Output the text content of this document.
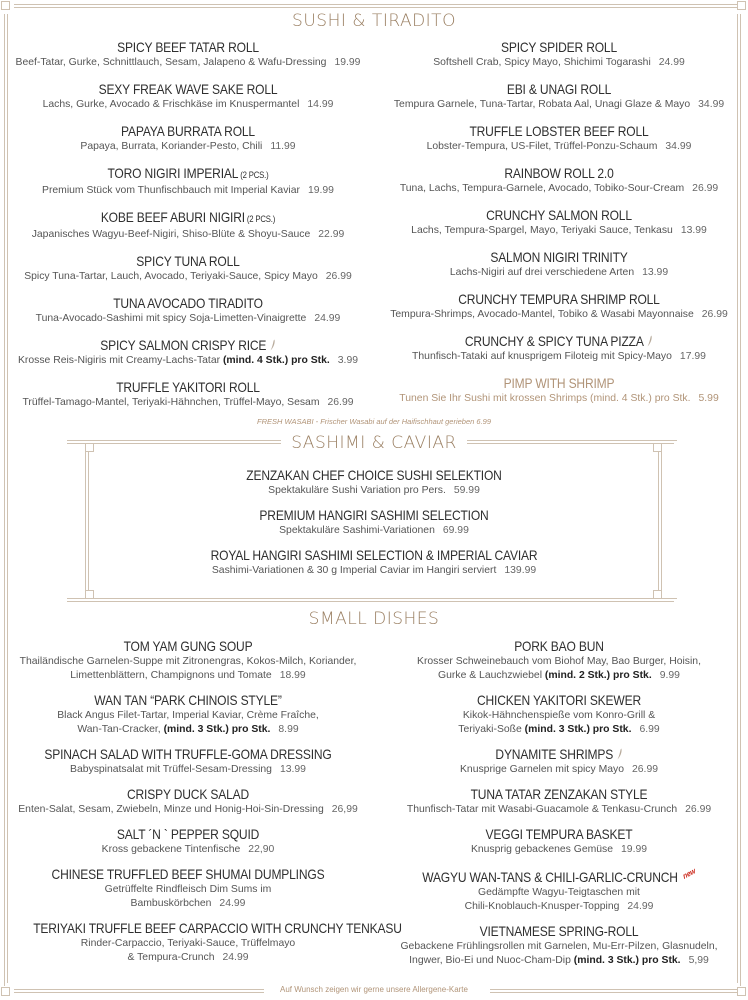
SUSHI & TIRADITO
SPICY BEEF TATAR ROLL
Beef-Tatar, Gurke, Schnittlauch, Sesam, Jalapeno & Wafu-Dressing 19.99
SEXY FREAK WAVE SAKE ROLL
Lachs, Gurke, Avocado & Frischkäse im Knuspermantel 14.99
PAPAYA BURRATA ROLL
Papaya, Burrata, Koriander-Pesto, Chili 11.99
TORO NIGIRI IMPERIAL (2 PCS.)
Premium Stück vom Thunfischbauch mit Imperial Kaviar 19.99
KOBE BEEF ABURI NIGIRI (2 PCS.)
Japanisches Wagyu-Beef-Nigiri, Shiso-Blüte & Shoyu-Sauce 22.99
SPICY TUNA ROLL
Spicy Tuna-Tartar, Lauch, Avocado, Teriyaki-Sauce, Spicy Mayo 26.99
TUNA AVOCADO TIRADITO
Tuna-Avocado-Sashimi mit spicy Soja-Limetten-Vinaigrette 24.99
SPICY SALMON CRISPY RICE
Krosse Reis-Nigiris mit Creamy-Lachs-Tatar (mind. 4 Stk.) pro Stk. 3.99
TRUFFLE YAKITORI ROLL
Trüffel-Tamago-Mantel, Teriyaki-Hähnchen, Trüffel-Mayo, Sesam 26.99
SPICY SPIDER ROLL
Softshell Crab, Spicy Mayo, Shichimi Togarashi 24.99
EBI & UNAGI ROLL
Tempura Garnele, Tuna-Tartar, Robata Aal, Unagi Glaze & Mayo 34.99
TRUFFLE LOBSTER BEEF ROLL
Lobster-Tempura, US-Filet, Trüffel-Ponzu-Schaum 34.99
RAINBOW ROLL 2.0
Tuna, Lachs, Tempura-Garnele, Avocado, Tobiko-Sour-Cream 26.99
CRUNCHY SALMON ROLL
Lachs, Tempura-Spargel, Mayo, Teriyaki Sauce, Tenkasu 13.99
SALMON NIGIRI TRINITY
Lachs-Nigiri auf drei verschiedene Arten 13.99
CRUNCHY TEMPURA SHRIMP ROLL
Tempura-Shrimps, Avocado-Mantel, Tobiko & Wasabi Mayonnaise 26.99
CRUNCHY & SPICY TUNA PIZZA
Thunfisch-Tataki auf knusprigem Filoteig mit Spicy-Mayo 17.99
PIMP WITH SHRIMP
Tunen Sie Ihr Sushi mit krossen Shrimps (mind. 4 Stk.) pro Stk. 5.99
FRESH WASABI - Frischer Wasabi auf der Haifischhaut gerieben 6.99
SASHIMI & CAVIAR
ZENZAKAN CHEF CHOICE SUSHI SELEKTION
Spektakuläre Sushi Variation pro Pers. 59.99
PREMIUM HANGIRI SASHIMI SELECTION
Spektakuläre Sashimi-Variationen 69.99
ROYAL HANGIRI SASHIMI SELECTION & IMPERIAL CAVIAR
Sashimi-Variationen & 30 g Imperial Caviar im Hangiri serviert 139.99
SMALL DISHES
TOM YAM GUNG SOUP
Thailändische Garnelen-Suppe mit Zitronengras, Kokos-Milch, Koriander,
Limettenblättern, Champignons und Tomate 18.99
WAN TAN “PARK CHINOIS STYLE”
Black Angus Filet-Tartar, Imperial Kaviar, Crème Fraîche,
Wan-Tan-Cracker, (mind. 3 Stk.) pro Stk. 8.99
SPINACH SALAD WITH TRUFFLE-GOMA DRESSING
Babyspinatsalat mit Trüffel-Sesam-Dressing 13.99
CRISPY DUCK SALAD
Enten-Salat, Sesam, Zwiebeln, Minze und Honig-Hoi-Sin-Dressing 26,99
SALT ´N ` PEPPER SQUID
Kross gebackene Tintenfische 22,90
CHINESE TRUFFLED BEEF SHUMAI DUMPLINGS
Getrüffelte Rindfleisch Dim Sums im
Bambuskörbchen 24.99
TERIYAKI TRUFFLE BEEF CARPACCIO WITH CRUNCHY TENKASU
Rinder-Carpaccio, Teriyaki-Sauce, Trüffelmayo
& Tempura-Crunch 24.99
PORK BAO BUN
Krosser Schweinebauch vom Biohof May, Bao Burger, Hoisin,
Gurke & Lauchzwiebel (mind. 2 Stk.) pro Stk. 9.99
CHICKEN YAKITORI SKEWER
Kikok-Hähnchenspieße vom Konro-Grill &
Teriyaki-Soße (mind. 3 Stk.) pro Stk. 6.99
DYNAMITE SHRIMPS
Knusprige Garnelen mit spicy Mayo 26.99
TUNA TATAR ZENZAKAN STYLE
Thunfisch-Tatar mit Wasabi-Guacamole & Tenkasu-Crunch 26.99
VEGGI TEMPURA BASKET
Knusprig gebackenes Gemüse 19.99
WAGYU WAN-TANS & CHILI-GARLIC-CRUNCH new
Gedämpfte Wagyu-Teigtaschen mit
Chili-Knoblauch-Knusper-Topping 24.99
VIETNAMESE SPRING-ROLL
Gebackene Frühlingsrollen mit Garnelen, Mu-Err-Pilzen, Glasnudeln,
Ingwer, Bio-Ei und Nuoc-Cham-Dip (mind. 3 Stk.) pro Stk. 5,99
Auf Wunsch zeigen wir gerne unsere Allergene-Karte
